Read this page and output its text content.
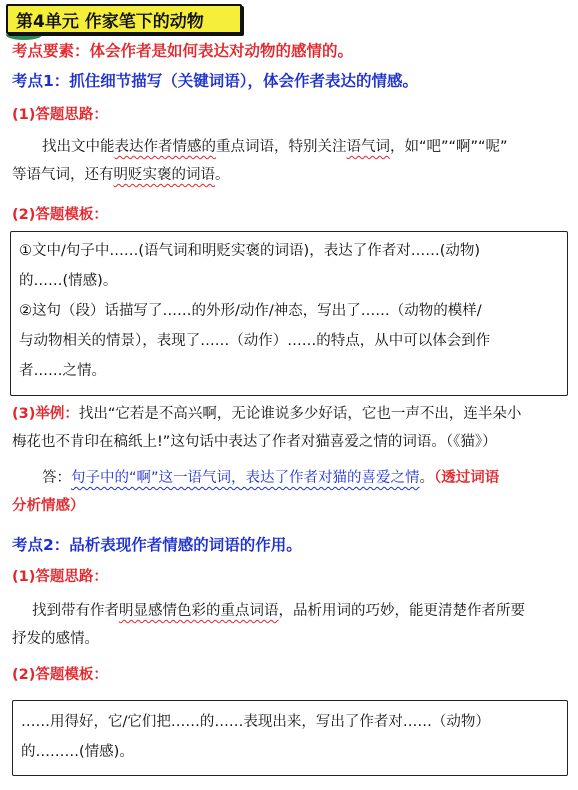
第4单元 作家笔下的动物
考点要素：体会作者是如何表达对动物的感情的。
考点1：抓住细节描写（关键词语），体会作者表达的情感。
(1)答题思路：
找出文中能表达作者情感的重点词语，特别关注语气词，如“吧”“啊”“呢”
等语气词，还有明贬实褒的词语。
(2)答题模板：
①文中/句子中……(语气词和明贬实褒的词语)，表达了作者对……(动物)
的……(情感)。
②这句（段）话描写了……的外形/动作/神态，写出了……（动物的模样/
与动物相关的情景），表现了……（动作）……的特点，从中可以体会到作
者……之情。
(3)举例：找出“它若是不高兴啊，无论谁说多少好话，它也一声不出，连半朵小
梅花也不肯印在稿纸上!”这句话中表达了作者对猫喜爱之情的词语。（《猫》）
答：句子中的“啊”这一语气词，表达了作者对猫的喜爱之情。（透过词语
分析情感）
考点2：品析表现作者情感的词语的作用。
(1)答题思路：
找到带有作者明显感情色彩的重点词语，品析用词的巧妙，能更清楚作者所要
抒发的感情。
(2)答题模板：
……用得好，它/它们把……的……表现出来，写出了作者对……（动物）
的………(情感)。
